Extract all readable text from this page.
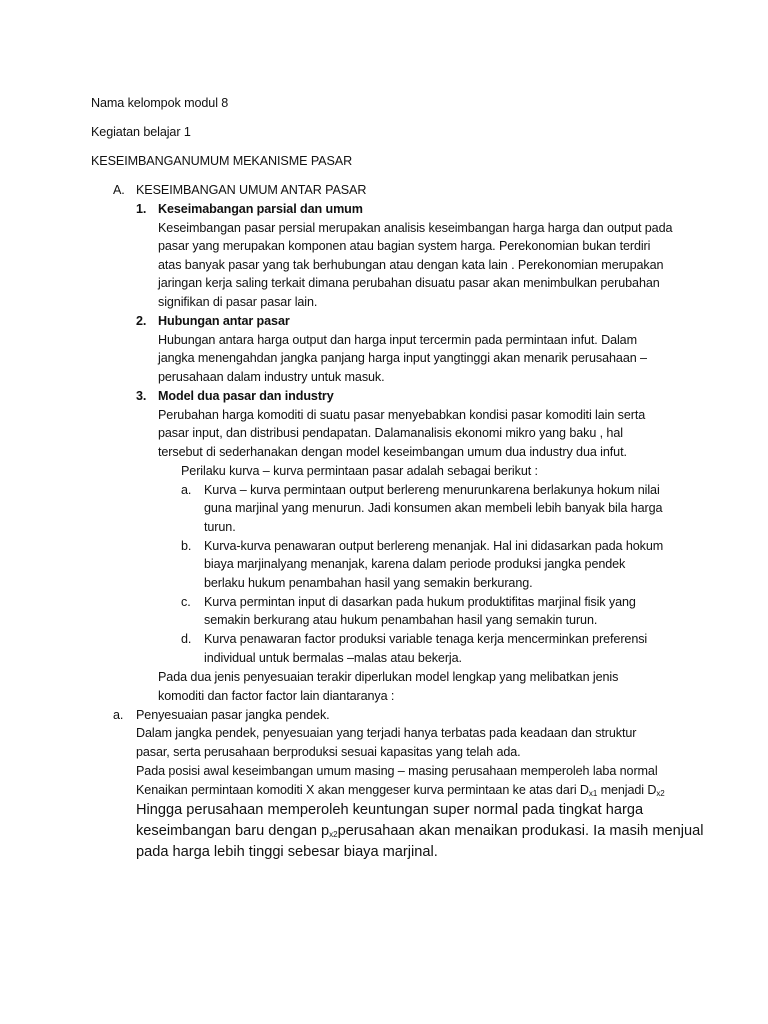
Nama kelompok modul 8
Kegiatan belajar 1
KESEIMBANGANUMUM MEKANISME PASAR
A. KESEIMBANGAN UMUM ANTAR PASAR
1. Keseimabangan parsial dan umum
Keseimbangan pasar persial merupakan analisis keseimbangan harga harga dan output pada
pasar yang merupakan komponen atau bagian system harga. Perekonomian bukan terdiri
atas banyak pasar yang tak berhubungan atau dengan kata lain . Perekonomian merupakan
jaringan kerja saling terkait dimana perubahan disuatu pasar akan menimbulkan perubahan
signifikan di pasar pasar lain.
2. Hubungan antar pasar
Hubungan antara harga output dan harga input tercermin pada permintaan infut. Dalam
jangka menengahdan jangka panjang harga input yangtinggi akan menarik perusahaan –
perusahaan dalam industry untuk masuk.
3. Model dua pasar dan industry
Perubahan harga komoditi di suatu pasar menyebabkan kondisi pasar komoditi lain serta
pasar input, dan distribusi pendapatan. Dalamanalisis ekonomi mikro yang baku , hal
tersebut di sederhanakan dengan model keseimbangan umum dua industry dua infut.
Perilaku kurva – kurva permintaan pasar adalah sebagai berikut :
a. Kurva – kurva permintaan output berlereng menurunkarena berlakunya hokum nilai
guna marjinal yang menurun. Jadi konsumen akan membeli lebih banyak bila harga
turun.
b. Kurva-kurva penawaran output berlereng menanjak. Hal ini didasarkan pada hokum
biaya marjinalyang menanjak, karena dalam periode produksi jangka pendek
berlaku hukum penambahan hasil yang semakin berkurang.
c. Kurva permintan input di dasarkan pada hukum produktifitas marjinal fisik yang
semakin berkurang atau hukum penambahan hasil yang semakin turun.
d. Kurva penawaran factor produksi variable tenaga kerja mencerminkan preferensi
individual untuk bermalas –malas atau bekerja.
Pada dua jenis penyesuaian terakir diperlukan model lengkap yang melibatkan jenis
komoditi dan factor factor lain diantaranya :
a. Penyesuaian pasar jangka pendek.
Dalam jangka pendek, penyesuaian yang terjadi hanya terbatas pada keadaan dan struktur
pasar, serta perusahaan berproduksi sesuai kapasitas yang telah ada.
Pada posisi awal keseimbangan umum masing – masing perusahaan memperoleh laba normal
Kenaikan permintaan komoditi X akan menggeser kurva permintaan ke atas dari $D_{x1}$ menjadi $D_{x2}$
Hingga perusahaan memperoleh keuntungan super normal pada tingkat harga
keseimbangan baru dengan $p_{x2}perusahaan$ akan menaikan produkasi. Ia masih menjual
pada harga lebih tinggi sebesar biaya marjinal.
